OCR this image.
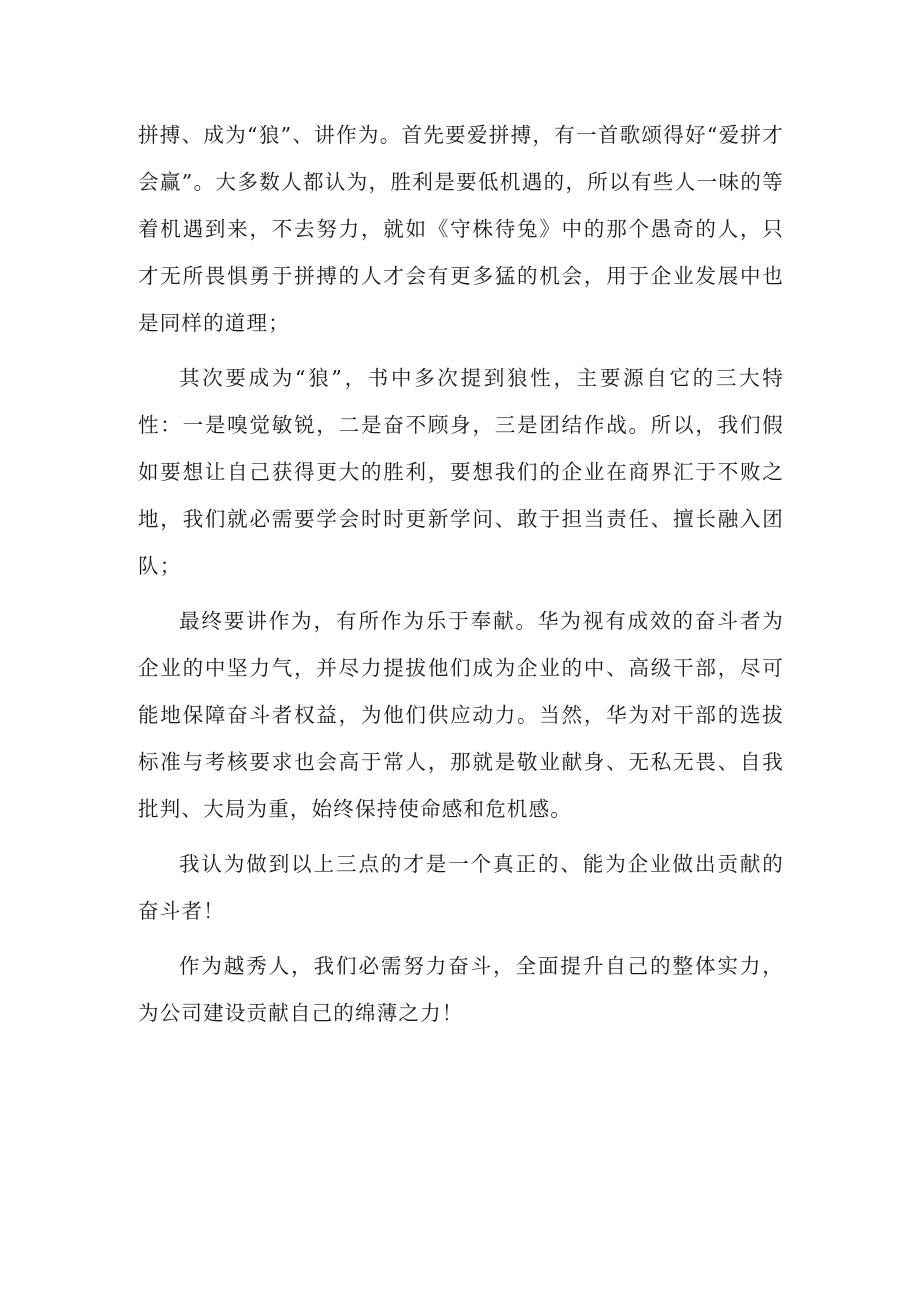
拼搏、成为“狼”、讲作为。首先要爱拼搏，有一首歌颂得好“爱拼才会赢”。大多数人都认为，胜利是要低机遇的，所以有些人一味的等着机遇到来，不去努力，就如《守株待兔》中的那个愚奇的人，只才无所畏惧勇于拼搏的人才会有更多猛的机会，用于企业发展中也是同样的道理；

其次要成为“狼”，书中多次提到狼性，主要源自它的三大特性：一是嗅觉敏锐，二是奋不顾身，三是团结作战。所以，我们假如要想让自己获得更大的胜利，要想我们的企业在商界汇于不败之地，我们就必需要学会时时更新学问、敢于担当责任、擅长融入团队；

最终要讲作为，有所作为乐于奉献。华为视有成效的奋斗者为企业的中坚力气，并尽力提拔他们成为企业的中、高级干部，尽可能地保障奋斗者权益，为他们供应动力。当然，华为对干部的选拔标准与考核要求也会高于常人，那就是敬业献身、无私无畏、自我批判、大局为重，始终保持使命感和危机感。

我认为做到以上三点的才是一个真正的、能为企业做出贡献的奋斗者！

作为越秀人，我们必需努力奋斗，全面提升自己的整体实力，为公司建设贡献自己的绵薄之力！
